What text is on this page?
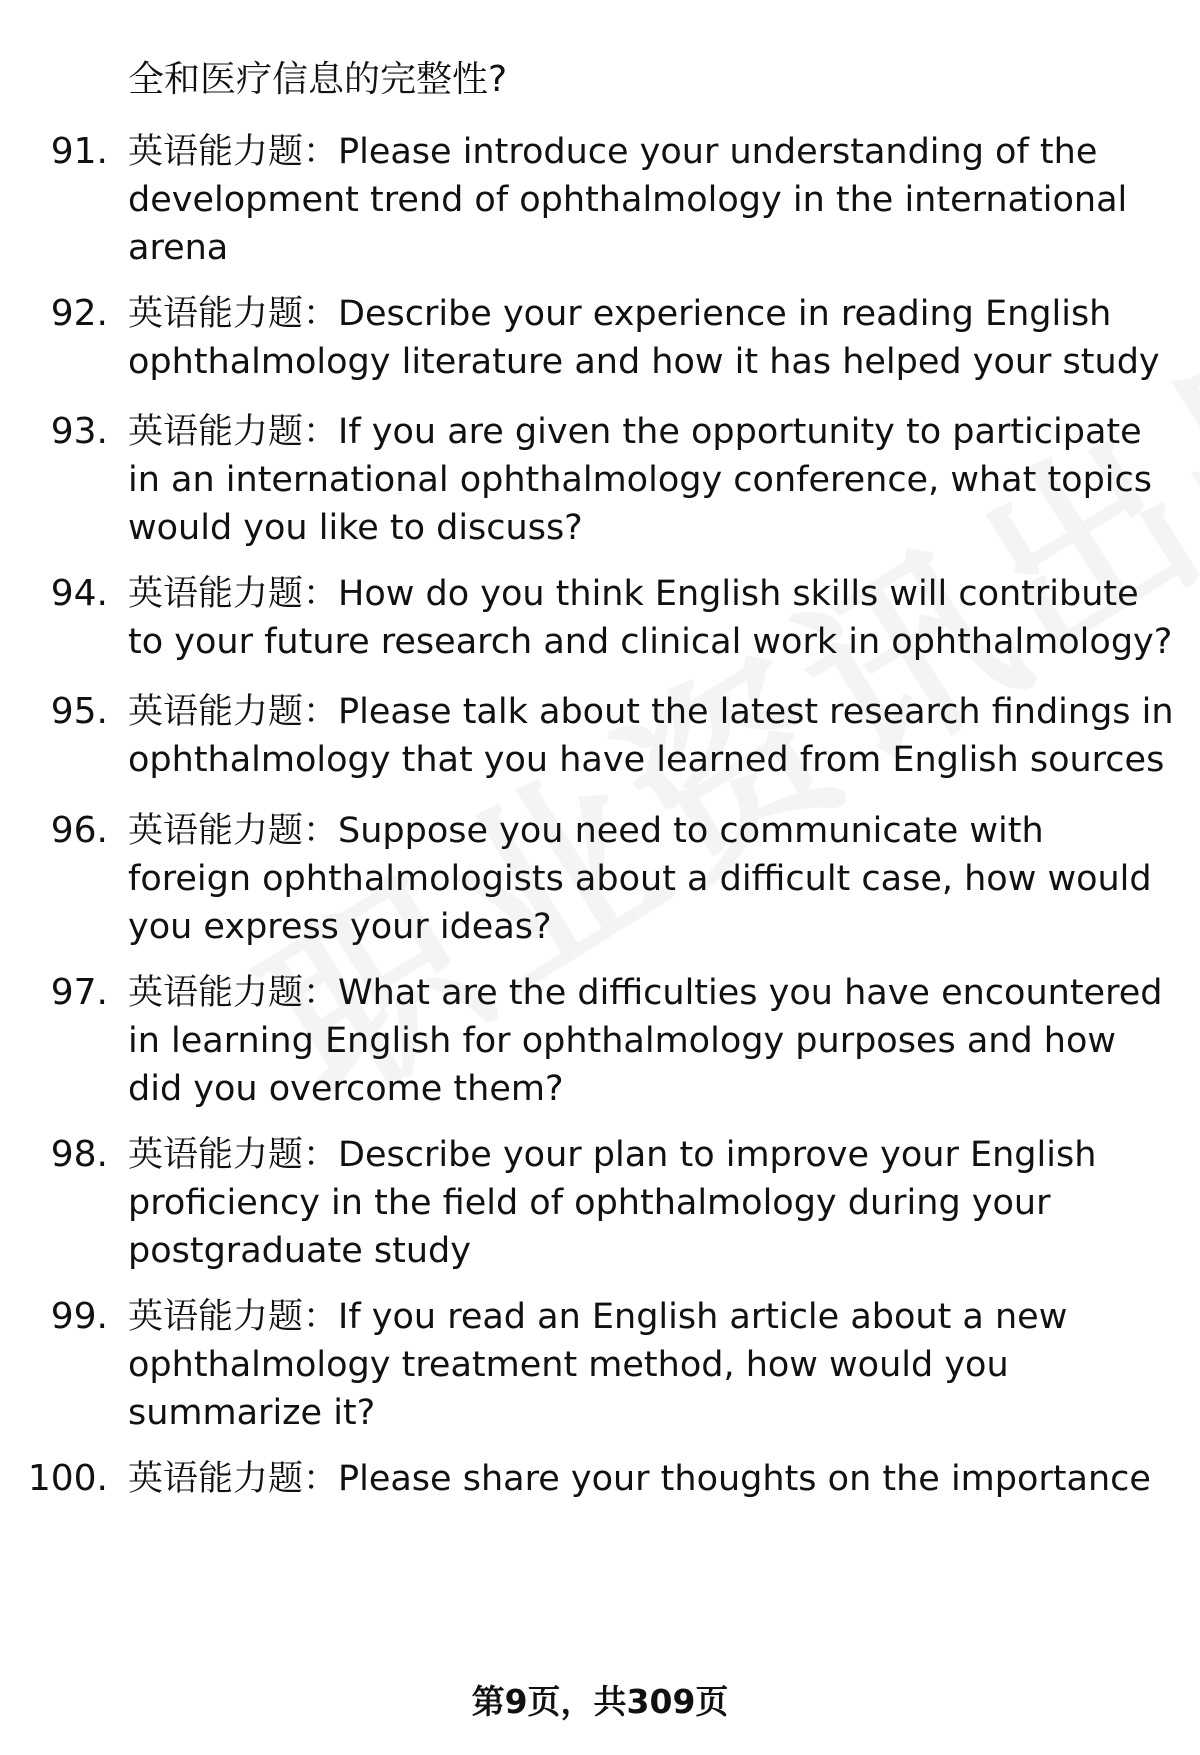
全和医疗信息的完整性?
91. 英语能力题：Please introduce your understanding of the
development trend of ophthalmology in the international
arena
92. 英语能力题：Describe your experience in reading English
ophthalmology literature and how it has helped your study
93. 英语能力题：If you are given the opportunity to participate
in an international ophthalmology conference, what topics
would you like to discuss?
94. 英语能力题：How do you think English skills will contribute
to your future research and clinical work in ophthalmology?
95. 英语能力题：Please talk about the latest research findings in
ophthalmology that you have learned from English sources
96. 英语能力题：Suppose you need to communicate with
foreign ophthalmologists about a difficult case, how would
you express your ideas?
97. 英语能力题：What are the difficulties you have encountered
in learning English for ophthalmology purposes and how
did you overcome them?
98. 英语能力题：Describe your plan to improve your English
proficiency in the field of ophthalmology during your
postgraduate study
99. 英语能力题：If you read an English article about a new
ophthalmology treatment method, how would you
summarize it?
100. 英语能力题：Please share your thoughts on the importance
第9页，共309页
